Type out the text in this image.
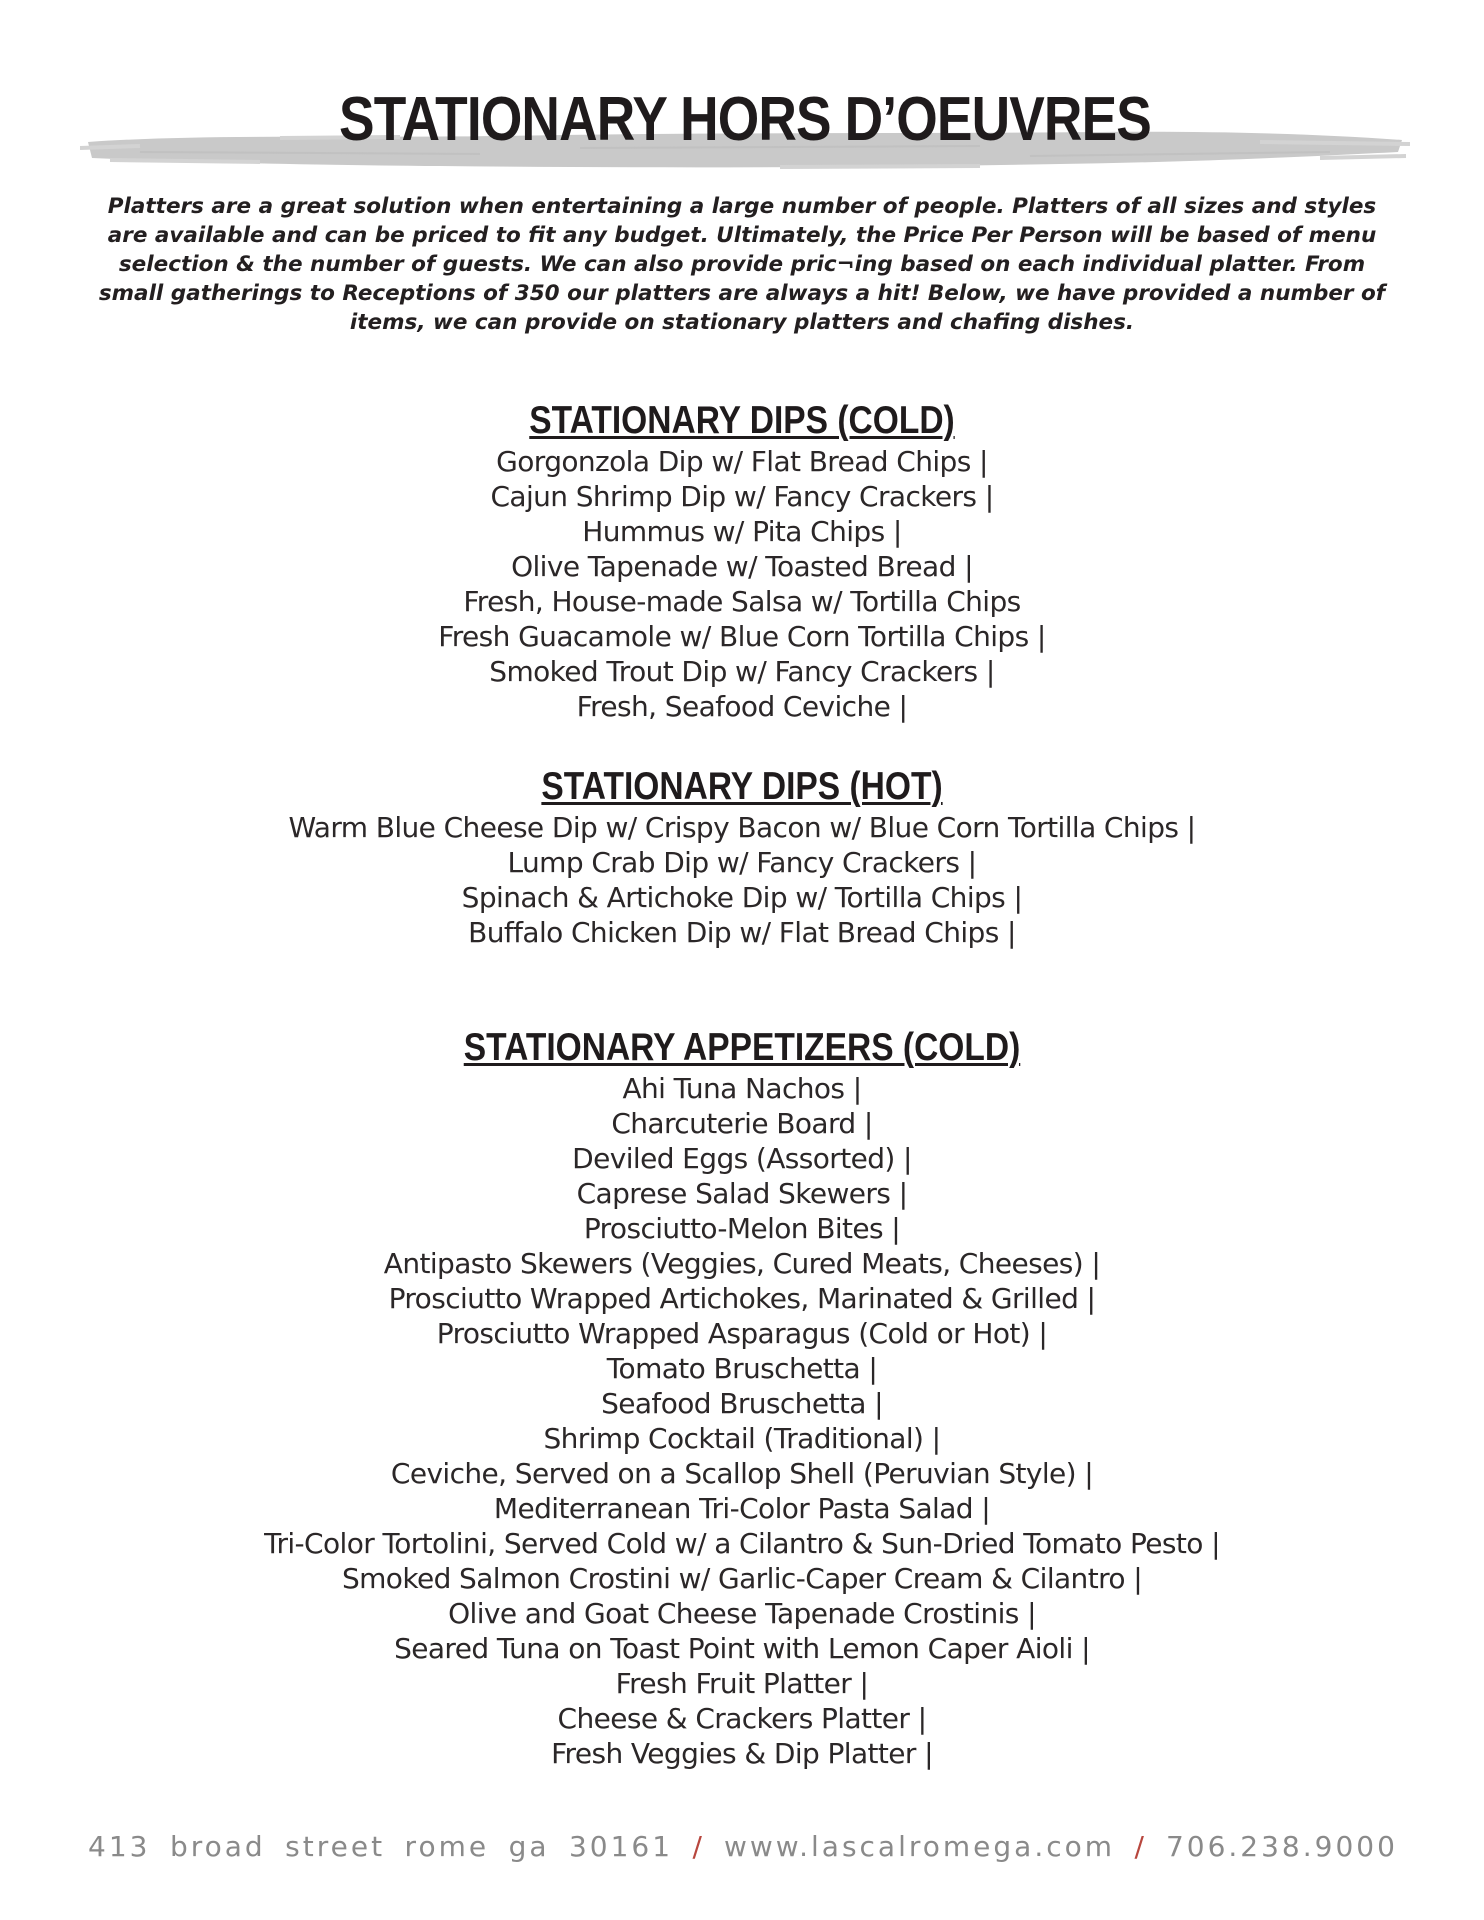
STATIONARY HORS D’OEUVRES

Platters are a great solution when entertaining a large number of people. Platters of all sizes and styles are available and can be priced to fit any budget. Ultimately, the Price Per Person will be based of menu selection & the number of guests. We can also provide pric¬ing based on each individual platter. From small gatherings to Receptions of 350 our platters are always a hit! Below, we have provided a number of items, we can provide on stationary platters and chafing dishes.

STATIONARY DIPS (COLD)
Gorgonzola Dip w/ Flat Bread Chips |
Cajun Shrimp Dip w/ Fancy Crackers |
Hummus w/ Pita Chips |
Olive Tapenade w/ Toasted Bread |
Fresh, House-made Salsa w/ Tortilla Chips
Fresh Guacamole w/ Blue Corn Tortilla Chips |
Smoked Trout Dip w/ Fancy Crackers |
Fresh, Seafood Ceviche |
STATIONARY DIPS (HOT)
Warm Blue Cheese Dip w/ Crispy Bacon w/ Blue Corn Tortilla Chips |
Lump Crab Dip w/ Fancy Crackers |
Spinach & Artichoke Dip w/ Tortilla Chips |
Buffalo Chicken Dip w/ Flat Bread Chips |
STATIONARY APPETIZERS (COLD)
Ahi Tuna Nachos |
Charcuterie Board |
Deviled Eggs (Assorted) |
Caprese Salad Skewers |
Prosciutto-Melon Bites |
Antipasto Skewers (Veggies, Cured Meats, Cheeses) |
Prosciutto Wrapped Artichokes, Marinated & Grilled |
Prosciutto Wrapped Asparagus (Cold or Hot) |
Tomato Bruschetta |
Seafood Bruschetta |
Shrimp Cocktail (Traditional) |
Ceviche, Served on a Scallop Shell (Peruvian Style) |
Mediterranean Tri-Color Pasta Salad |
Tri-Color Tortolini, Served Cold w/ a Cilantro & Sun-Dried Tomato Pesto |
Smoked Salmon Crostini w/ Garlic-Caper Cream & Cilantro |
Olive and Goat Cheese Tapenade Crostinis |
Seared Tuna on Toast Point with Lemon Caper Aioli |
Fresh Fruit Platter |
Cheese & Crackers Platter |
Fresh Veggies & Dip Platter |
413 broad street rome ga 30161 / www.lascalromega.com / 706.238.9000
